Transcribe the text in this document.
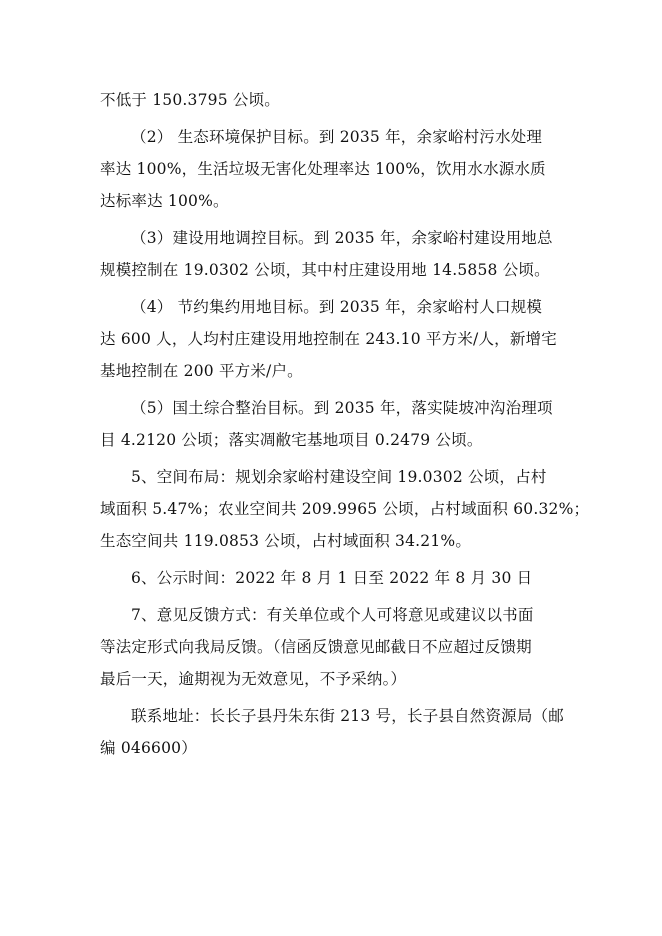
不低于 150.3795 公顷。
（2） 生态环境保护目标。到 2035 年，余家峪村污水处理
率达 100%，生活垃圾无害化处理率达 100%，饮用水水源水质
达标率达 100%。
（3）建设用地调控目标。到 2035 年，余家峪村建设用地总
规模控制在 19.0302 公顷，其中村庄建设用地 14.5858 公顷。
（4） 节约集约用地目标。到 2035 年，余家峪村人口规模
达 600 人，人均村庄建设用地控制在 243.10 平方米/人，新增宅
基地控制在 200 平方米/户。
（5）国土综合整治目标。到 2035 年，落实陡坡冲沟治理项
目 4.2120 公顷；落实凋敝宅基地项目 0.2479 公顷。
5、空间布局：规划余家峪村建设空间 19.0302 公顷，占村
域面积 5.47%；农业空间共 209.9965 公顷，占村域面积 60.32%；
生态空间共 119.0853 公顷，占村域面积 34.21%。
6、公示时间：2022 年 8 月 1 日至 2022 年 8 月 30 日
7、意见反馈方式：有关单位或个人可将意见或建议以书面
等法定形式向我局反馈。（信函反馈意见邮截日不应超过反馈期
最后一天，逾期视为无效意见，不予采纳。）
联系地址：长长子县丹朱东街 213 号，长子县自然资源局（邮
编 046600）
